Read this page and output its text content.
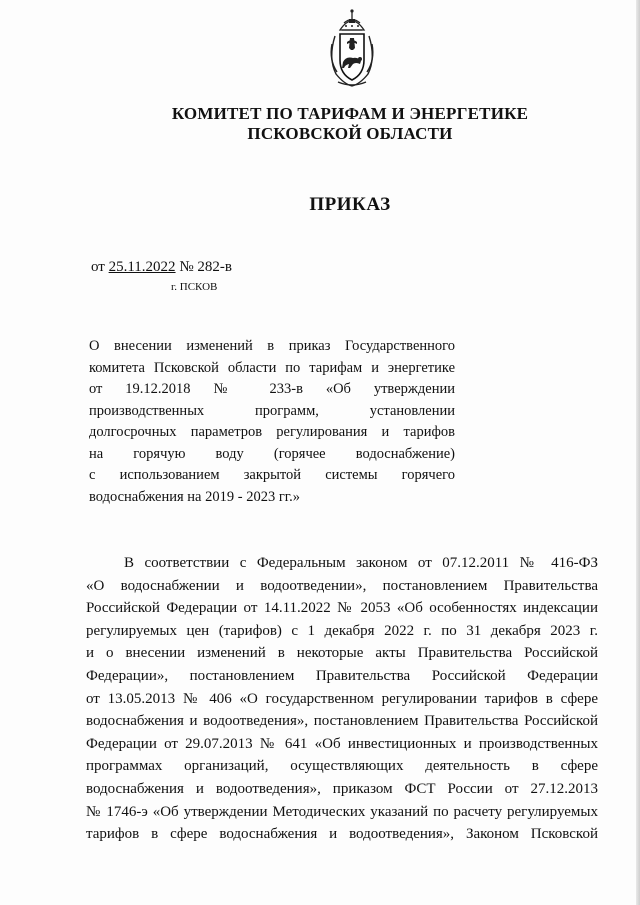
КОМИТЕТ ПО ТАРИФАМ И ЭНЕРГЕТИКЕ
ПСКОВСКОЙ ОБЛАСТИ
ПРИКАЗ
от 25.11.2022 № 282-в
г. ПСКОВ
О внесении изменений в приказ Государственного
комитета Псковской области по тарифам и энергетике
от 19.12.2018 № 233-в «Об утверждении
производственных программ, установлении
долгосрочных параметров регулирования и тарифов
на горячую воду (горячее водоснабжение)
с использованием закрытой системы горячего
водоснабжения на 2019 - 2023 гг.»
В соответствии с Федеральным законом от 07.12.2011 № 416-ФЗ
«О водоснабжении и водоотведении», постановлением Правительства
Российской Федерации от 14.11.2022 № 2053 «Об особенностях индексации
регулируемых цен (тарифов) с 1 декабря 2022 г. по 31 декабря 2023 г.
и о внесении изменений в некоторые акты Правительства Российской
Федерации», постановлением Правительства Российской Федерации
от 13.05.2013 № 406 «О государственном регулировании тарифов в сфере
водоснабжения и водоотведения», постановлением Правительства Российской
Федерации от 29.07.2013 № 641 «Об инвестиционных и производственных
программах организаций, осуществляющих деятельность в сфере
водоснабжения и водоотведения», приказом ФСТ России от 27.12.2013
№ 1746-э «Об утверждении Методических указаний по расчету регулируемых
тарифов в сфере водоснабжения и водоотведения», Законом Псковской
